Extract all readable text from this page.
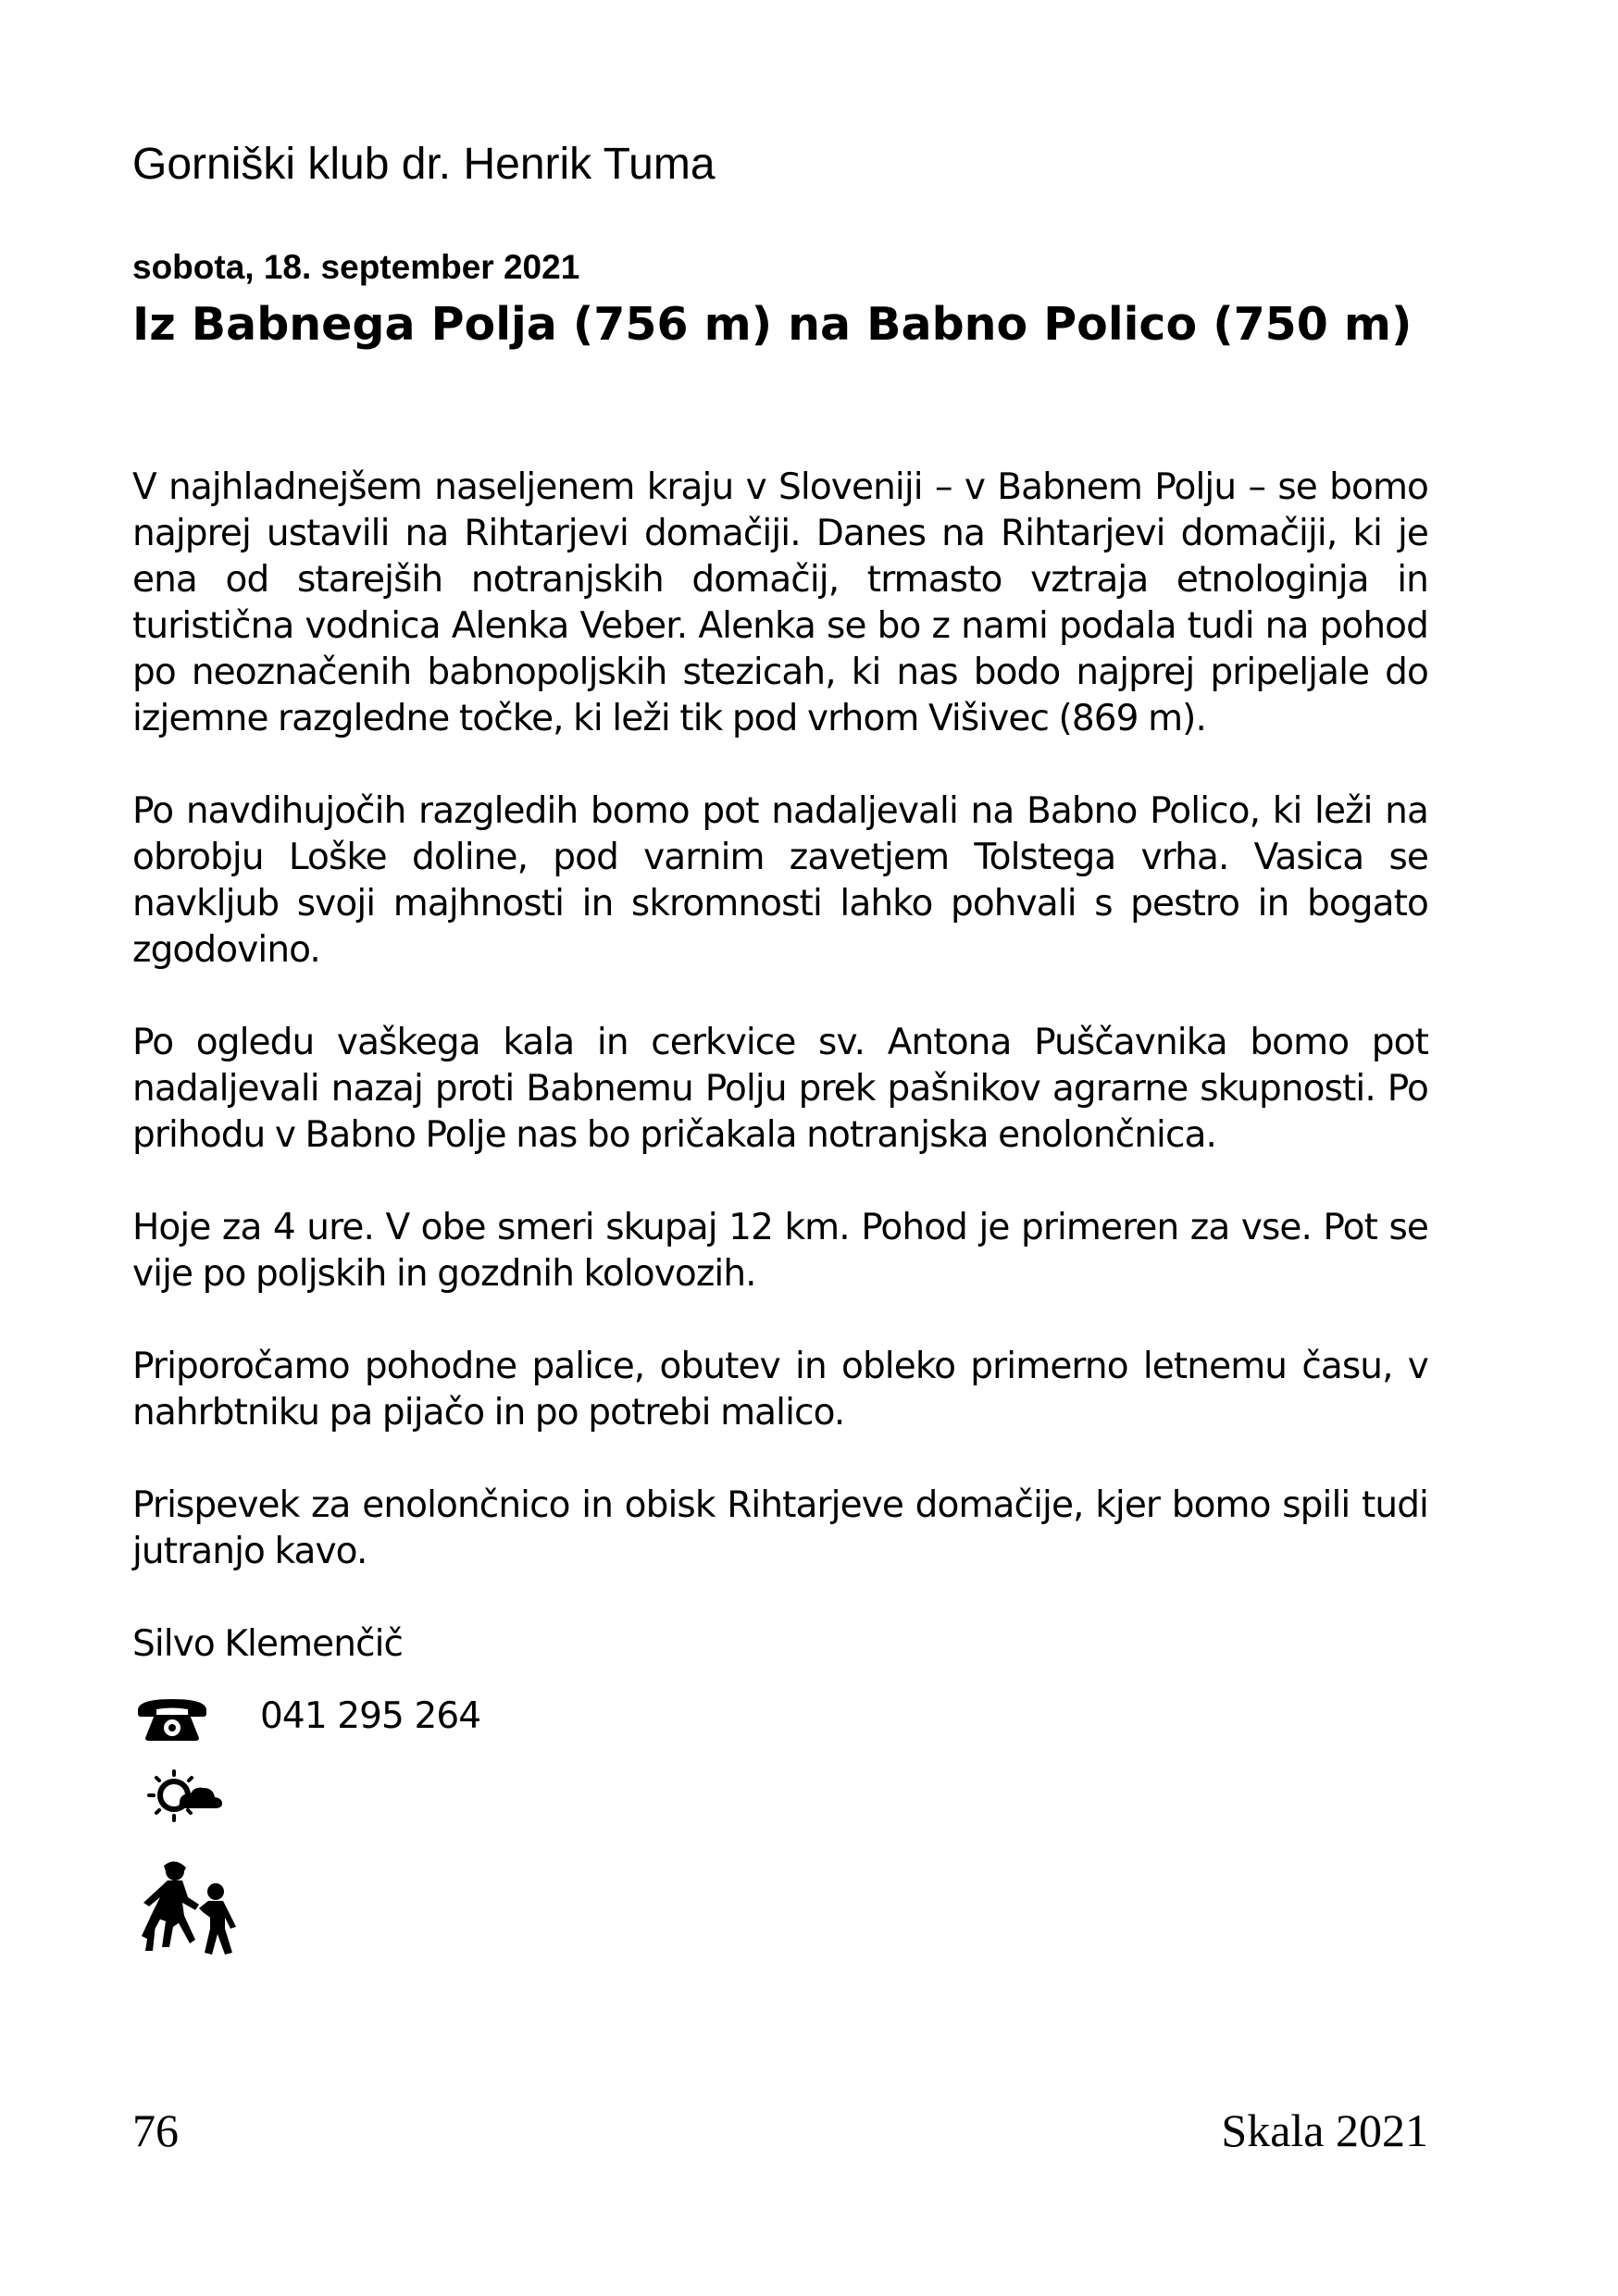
Gorniški klub dr. Henrik Tuma
sobota, 18. september 2021
Iz Babnega Polja (756 m) na Babno Polico (750 m)

V najhladnejšem naseljenem kraju v Sloveniji – v Babnem Polju – se bomo najprej ustavili na Rihtarjevi domačiji. Danes na Rihtarjevi domačiji, ki je ena od starejših notranjskih domačij, trmasto vztraja etnologinja in turistična vodnica Alenka Veber. Alenka se bo z nami podala tudi na pohod po neoznačenih babnopoljskih stezicah, ki nas bodo najprej pripeljale do izjemne razgledne točke, ki leži tik pod vrhom Višivec (869 m).

Po navdihujočih razgledih bomo pot nadaljevali na Babno Polico, ki leži na obrobju Loške doline, pod varnim zavetjem Tolstega vrha. Vasica se navkljub svoji majhnosti in skromnosti lahko pohvali s pestro in bogato zgodovino.

Po ogledu vaškega kala in cerkvice sv. Antona Puščavnika bomo pot nadaljevali nazaj proti Babnemu Polju prek pašnikov agrarne skupnosti. Po prihodu v Babno Polje nas bo pričakala notranjska enolončnica.

Hoje za 4 ure. V obe smeri skupaj 12 km. Pohod je primeren za vse. Pot se vije po poljskih in gozdnih kolovozih.

Priporočamo pohodne palice, obutev in obleko primerno letnemu času, v nahrbtniku pa pijačo in po potrebi malico.

Prispevek za enolončnico in obisk Rihtarjeve domačije, kjer bomo spili tudi jutranjo kavo.

Silvo Klemenčič

041 295 264
76	Skala 2021
